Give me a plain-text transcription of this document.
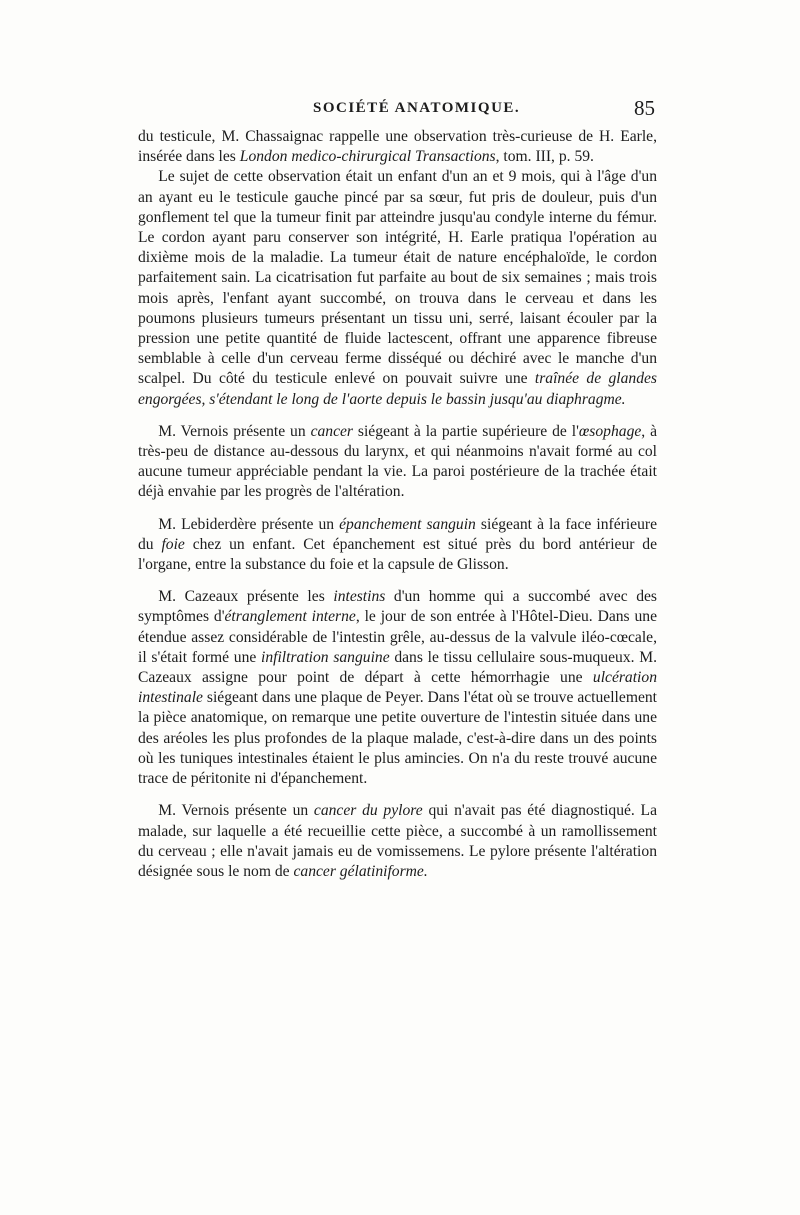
SOCIÉTÉ ANATOMIQUE.	85

du testicule, M. Chassaignac rappelle une observation très-curieuse de H. Earle, insérée dans les London medico-chirurgical Transactions, tom. III, p. 59.

Le sujet de cette observation était un enfant d'un an et 9 mois, qui à l'âge d'un an ayant eu le testicule gauche pincé par sa sœur, fut pris de douleur, puis d'un gonflement tel que la tumeur finit par atteindre jusqu'au condyle interne du fémur. Le cordon ayant paru conserver son intégrité, H. Earle pratiqua l'opération au dixième mois de la maladie. La tumeur était de nature encéphaloïde, le cordon parfaitement sain. La cicatrisation fut parfaite au bout de six semaines ; mais trois mois après, l'enfant ayant succombé, on trouva dans le cerveau et dans les poumons plusieurs tumeurs présentant un tissu uni, serré, laisant écouler par la pression une petite quantité de fluide lactescent, offrant une apparence fibreuse semblable à celle d'un cerveau ferme disséqué ou déchiré avec le manche d'un scalpel. Du côté du testicule enlevé on pouvait suivre une traînée de glandes engorgées, s'étendant le long de l'aorte depuis le bassin jusqu'au diaphragme.

M. Vernois présente un cancer siégeant à la partie supérieure de l'œsophage, à très-peu de distance au-dessous du larynx, et qui néanmoins n'avait formé au col aucune tumeur appréciable pendant la vie. La paroi postérieure de la trachée était déjà envahie par les progrès de l'altération.

M. Lebiderdère présente un épanchement sanguin siégeant à la face inférieure du foie chez un enfant. Cet épanchement est situé près du bord antérieur de l'organe, entre la substance du foie et la capsule de Glisson.

M. Cazeaux présente les intestins d'un homme qui a succombé avec des symptômes d'étranglement interne, le jour de son entrée à l'Hôtel-Dieu. Dans une étendue assez considérable de l'intestin grêle, au-dessus de la valvule iléo-cœcale, il s'était formé une infiltration sanguine dans le tissu cellulaire sous-muqueux. M. Cazeaux assigne pour point de départ à cette hémorrhagie une ulcération intestinale siégeant dans une plaque de Peyer. Dans l'état où se trouve actuellement la pièce anatomique, on remarque une petite ouverture de l'intestin située dans une des aréoles les plus profondes de la plaque malade, c'est-à-dire dans un des points où les tuniques intestinales étaient le plus amincies. On n'a du reste trouvé aucune trace de péritonite ni d'épanchement.

M. Vernois présente un cancer du pylore qui n'avait pas été diagnostiqué. La malade, sur laquelle a été recueillie cette pièce, a succombé à un ramollissement du cerveau ; elle n'avait jamais eu de vomissemens. Le pylore présente l'altération désignée sous le nom de cancer gélatiniforme.
